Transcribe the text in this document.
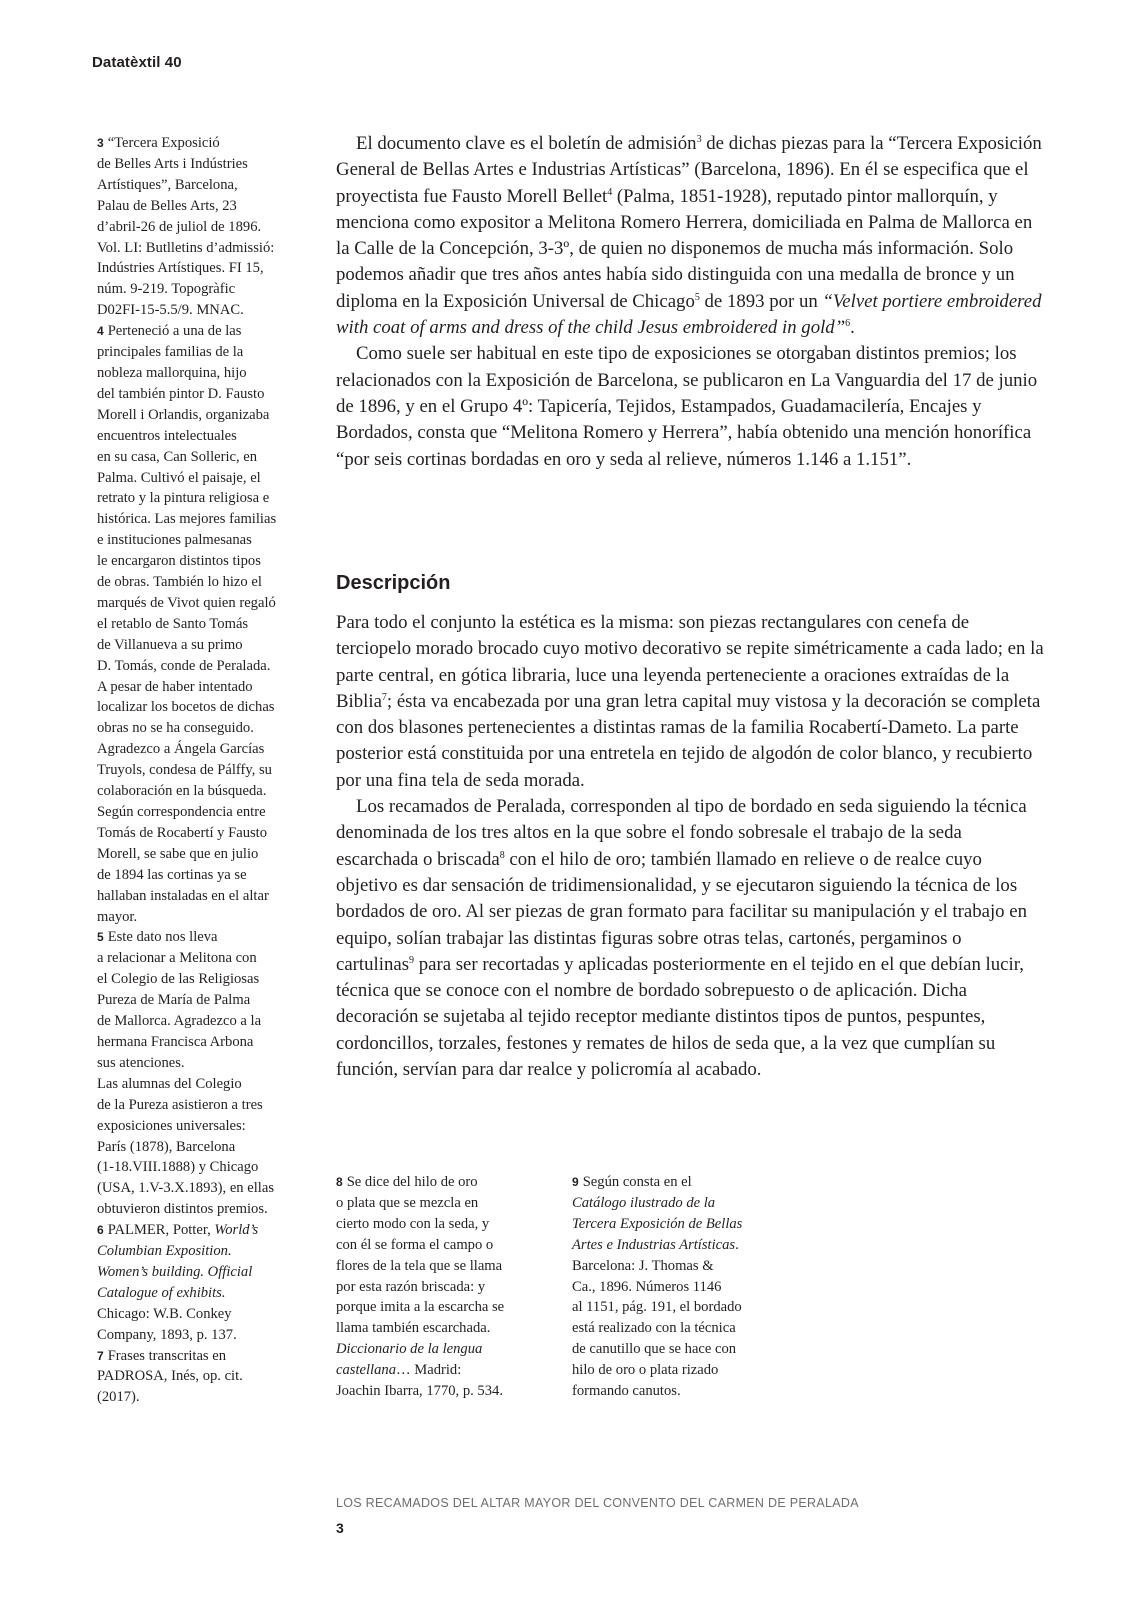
Datatèxtil 40
3 “Tercera Exposició
de Belles Arts i Indústries
Artístiques”, Barcelona,
Palau de Belles Arts, 23
d’abril-26 de juliol de 1896.
Vol. LI: Butlletins d’admissió:
Indústries Artístiques. FI 15,
núm. 9-219. Topogràfic
D02FI-15-5.5/9. MNAC.
4 Perteneció a una de las
principales familias de la
nobleza mallorquina, hijo
del también pintor D. Fausto
Morell i Orlandis, organizaba
encuentros intelectuales
en su casa, Can Solleric, en
Palma. Cultivó el paisaje, el
retrato y la pintura religiosa e
histórica. Las mejores familias
e instituciones palmesanas
le encargaron distintos tipos
de obras. También lo hizo el
marqués de Vivot quien regaló
el retablo de Santo Tomás
de Villanueva a su primo
D. Tomás, conde de Peralada.
A pesar de haber intentado
localizar los bocetos de dichas
obras no se ha conseguido.
Agradezco a Ángela Garcías
Truyols, condesa de Pálffy, su
colaboración en la búsqueda.
Según correspondencia entre
Tomás de Rocabertí y Fausto
Morell, se sabe que en julio
de 1894 las cortinas ya se
hallaban instaladas en el altar
mayor.
5 Este dato nos lleva
a relacionar a Melitona con
el Colegio de las Religiosas
Pureza de María de Palma
de Mallorca. Agradezco a la
hermana Francisca Arbona
sus atenciones.
Las alumnas del Colegio
de la Pureza asistieron a tres
exposiciones universales:
París (1878), Barcelona
(1-18.VIII.1888) y Chicago
(USA, 1.V-3.X.1893), en ellas
obtuvieron distintos premios.
6 PALMER, Potter, World’s
Columbian Exposition.
Women’s building. Official
Catalogue of exhibits.
Chicago: W.B. Conkey
Company, 1893, p. 137.
7 Frases transcritas en
PADROSA, Inés, op. cit.
(2017).

El documento clave es el boletín de admisión$^3$ de dichas piezas para la “Tercera Exposición General de Bellas Artes e Industrias Artísticas” (Barcelona, 1896). En él se especifica que el proyectista fue Fausto Morell Bellet$^4$ (Palma, 1851-1928), reputado pintor mallorquín, y menciona como expositor a Melitona Romero Herrera, domiciliada en Palma de Mallorca en la Calle de la Concepción, 3-3º, de quien no disponemos de mucha más información. Solo podemos añadir que tres años antes había sido distinguida con una medalla de bronce y un diploma en la Exposición Universal de Chicago$^5$ de 1893 por un “Velvet portiere embroidered with coat of arms and dress of the child Jesus embroidered in gold”$^6$.

Como suele ser habitual en este tipo de exposiciones se otorgaban distintos premios; los relacionados con la Exposición de Barcelona, se publicaron en La Vanguardia del 17 de junio de 1896, y en el Grupo 4º: Tapicería, Tejidos, Estampados, Guadamacilería, Encajes y Bordados, consta que “Melitona Romero y Herrera”, había obtenido una mención honorífica “por seis cortinas bordadas en oro y seda al relieve, números 1.146 a 1.151”.

Descripción

Para todo el conjunto la estética es la misma: son piezas rectangulares con cenefa de terciopelo morado brocado cuyo motivo decorativo se repite simétricamente a cada lado; en la parte central, en gótica libraria, luce una leyenda perteneciente a oraciones extraídas de la Biblia$^7$; ésta va encabezada por una gran letra capital muy vistosa y la decoración se completa con dos blasones pertenecientes a distintas ramas de la familia Rocabertí-Dameto. La parte posterior está constituida por una entretela en tejido de algodón de color blanco, y recubierto por una fina tela de seda morada.

Los recamados de Peralada, corresponden al tipo de bordado en seda siguiendo la técnica denominada de los tres altos en la que sobre el fondo sobresale el trabajo de la seda escarchada o briscada$^8$ con el hilo de oro; también llamado en relieve o de realce cuyo objetivo es dar sensación de tridimensionalidad, y se ejecutaron siguiendo la técnica de los bordados de oro. Al ser piezas de gran formato para facilitar su manipulación y el trabajo en equipo, solían trabajar las distintas figuras sobre otras telas, cartonés, pergaminos o cartulinas$^9$ para ser recortadas y aplicadas posteriormente en el tejido en el que debían lucir, técnica que se conoce con el nombre de bordado sobrepuesto o de aplicación. Dicha decoración se sujetaba al tejido receptor mediante distintos tipos de puntos, pespuntes, cordoncillos, torzales, festones y remates de hilos de seda que, a la vez que cumplían su función, servían para dar realce y policromía al acabado.

8 Se dice del hilo de oro
o plata que se mezcla en
cierto modo con la seda, y
con él se forma el campo o
flores de la tela que se llama
por esta razón briscada: y
porque imita a la escarcha se
llama también escarchada.
Diccionario de la lengua
castellana… Madrid:
Joachin Ibarra, 1770, p. 534.
9 Según consta en el
Catálogo ilustrado de la
Tercera Exposición de Bellas
Artes e Industrias Artísticas.
Barcelona: J. Thomas &
Ca., 1896. Números 1146
al 1151, pág. 191, el bordado
está realizado con la técnica
de canutillo que se hace con
hilo de oro o plata rizado
formando canutos.
LOS RECAMADOS DEL ALTAR MAYOR DEL CONVENTO DEL CARMEN DE PERALADA
3
